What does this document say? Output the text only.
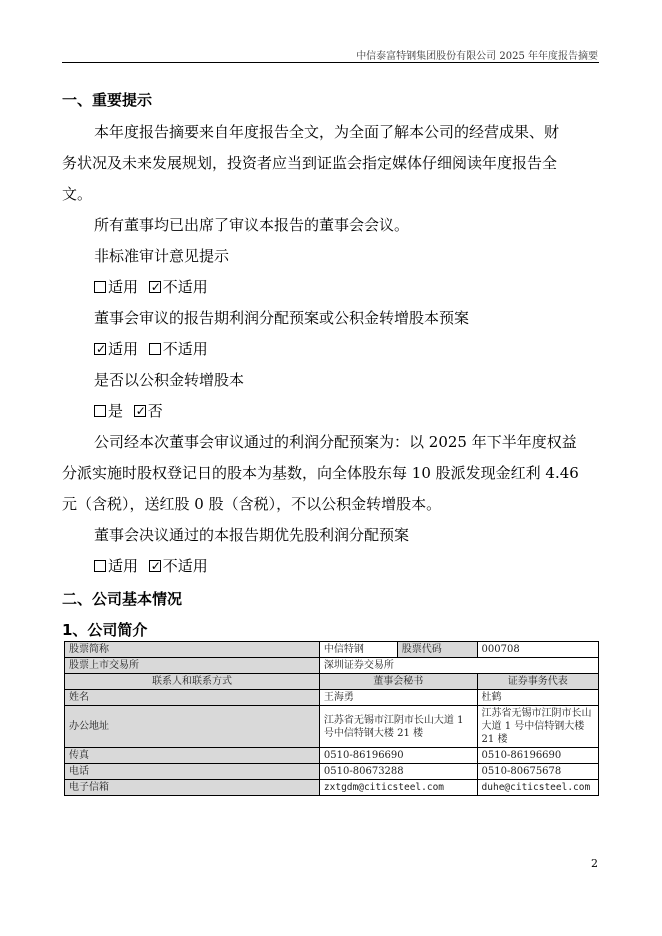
中信泰富特钢集团股份有限公司 2025 年年度报告摘要
一、重要提示
本年度报告摘要来自年度报告全文，为全面了解本公司的经营成果、财
务状况及未来发展规划，投资者应当到证监会指定媒体仔细阅读年度报告全
文。
所有董事均已出席了审议本报告的董事会会议。
非标准审计意见提示
适用 ✓ 不适用
董事会审议的报告期利润分配预案或公积金转增股本预案
✓适用 不适用
是否以公积金转增股本
是 ✓ 否
公司经本次董事会审议通过的利润分配预案为：以 2025 年下半年度权益
分派实施时股权登记日的股本为基数，向全体股东每 10 股派发现金红利 4.46
元（含税），送红股 0 股（含税），不以公积金转增股本。
董事会决议通过的本报告期优先股利润分配预案
适用 ✓ 不适用
二、公司基本情况
1、公司简介
股票简称	中信特钢	股票代码	000708
股票上市交易所	深圳证券交易所		
联系人和联系方式	董事会秘书		证券事务代表
姓名	王海勇		杜鹤
办公地址	江苏省无锡市江阴市长山大道 1 号中信特钢大楼 21 楼		江苏省无锡市江阴市长山大道 1 号中信特钢大楼 21 楼
传真	0510-86196690		0510-86196690
电话	0510-80673288		0510-80675678
电子信箱	zxtgdm@citicsteel.com		duhe@citicsteel.com
2
